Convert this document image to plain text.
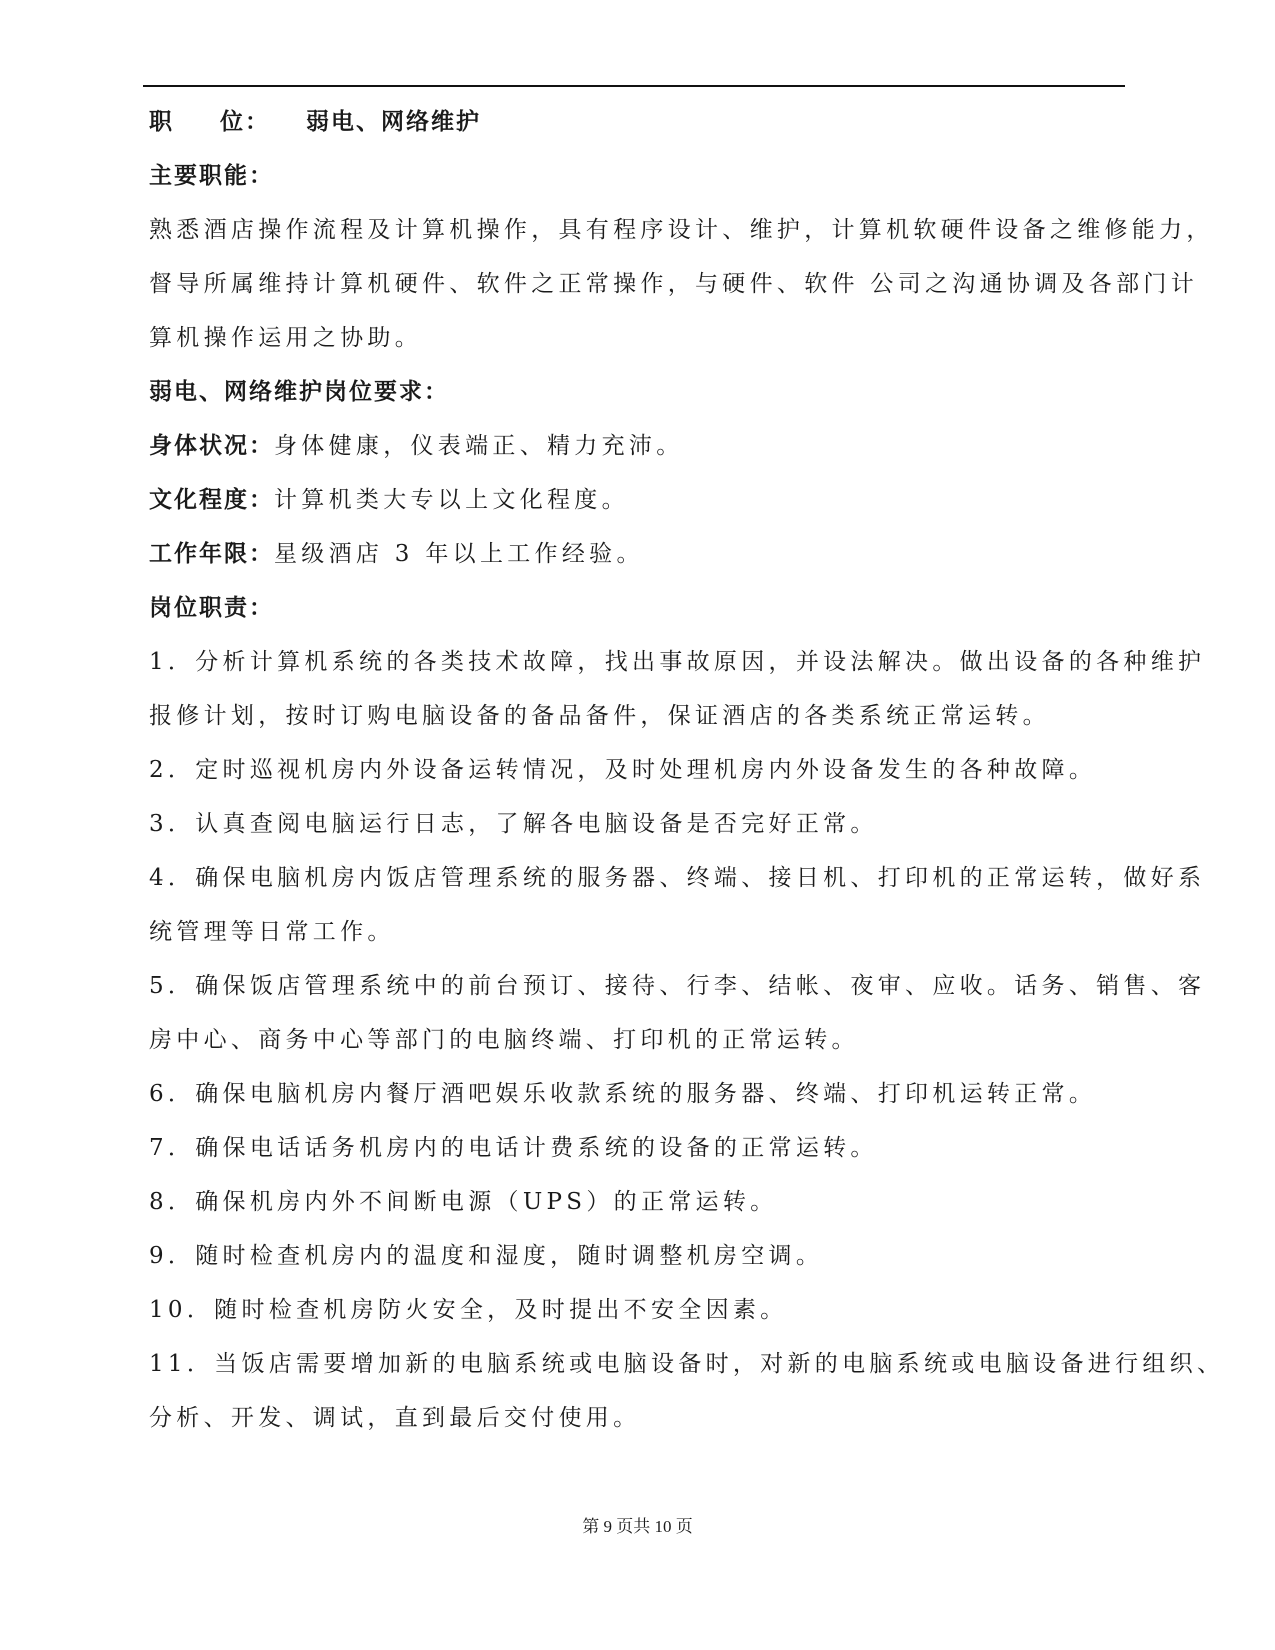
职 位： 弱电、网络维护
主要职能：
熟悉酒店操作流程及计算机操作，具有程序设计、维护，计算机软硬件设备之维修能力，
督导所属维持计算机硬件、软件之正常操作，与硬件、软件 公司之沟通协调及各部门计
算机操作运用之协助。
弱电、网络维护岗位要求：
身体状况：身体健康，仪表端正、精力充沛。
文化程度：计算机类大专以上文化程度。
工作年限：星级酒店 3 年以上工作经验。
岗位职责：
1．分析计算机系统的各类技术故障，找出事故原因，并设法解决。做出设备的各种维护
报修计划，按时订购电脑设备的备品备件，保证酒店的各类系统正常运转。
2．定时巡视机房内外设备运转情况，及时处理机房内外设备发生的各种故障。
3．认真查阅电脑运行日志，了解各电脑设备是否完好正常。
4．确保电脑机房内饭店管理系统的服务器、终端、接日机、打印机的正常运转，做好系
统管理等日常工作。
5．确保饭店管理系统中的前台预订、接待、行李、结帐、夜审、应收。话务、销售、客
房中心、商务中心等部门的电脑终端、打印机的正常运转。
6．确保电脑机房内餐厅酒吧娱乐收款系统的服务器、终端、打印机运转正常。
7．确保电话话务机房内的电话计费系统的设备的正常运转。
8．确保机房内外不间断电源（UPS）的正常运转。
9．随时检查机房内的温度和湿度，随时调整机房空调。
10．随时检查机房防火安全，及时提出不安全因素。
11．当饭店需要增加新的电脑系统或电脑设备时，对新的电脑系统或电脑设备进行组织、
分析、开发、调试，直到最后交付使用。
第 9 页共 10 页
